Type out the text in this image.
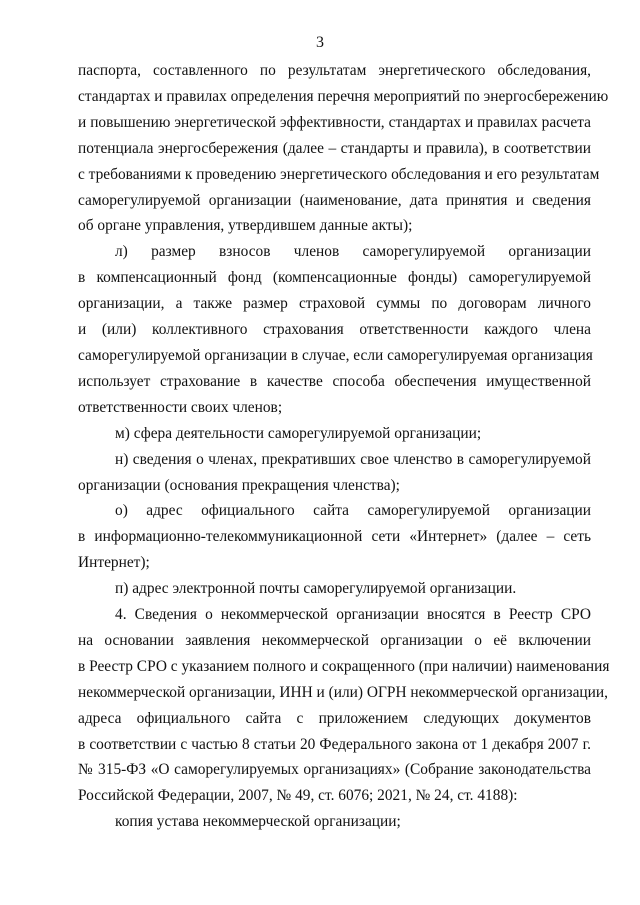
3
паспорта, составленного по результатам энергетического обследования,
стандартах и правилах определения перечня мероприятий по энергосбережению
и повышению энергетической эффективности, стандартах и правилах расчета
потенциала энергосбережения (далее – стандарты и правила), в соответствии
с требованиями к проведению энергетического обследования и его результатам
саморегулируемой организации (наименование, дата принятия и сведения
об органе управления, утвердившем данные акты);
л) размер взносов членов саморегулируемой организации
в компенсационный фонд (компенсационные фонды) саморегулируемой
организации, а также размер страховой суммы по договорам личного
и (или) коллективного страхования ответственности каждого члена
саморегулируемой организации в случае, если саморегулируемая организация
использует страхование в качестве способа обеспечения имущественной
ответственности своих членов;
м) сфера деятельности саморегулируемой организации;
н) сведения о членах, прекративших свое членство в саморегулируемой
организации (основания прекращения членства);
о) адрес официального сайта саморегулируемой организации
в информационно-телекоммуникационной сети «Интернет» (далее – сеть
Интернет);
п) адрес электронной почты саморегулируемой организации.
4. Сведения о некоммерческой организации вносятся в Реестр СРО
на основании заявления некоммерческой организации о её включении
в Реестр СРО с указанием полного и сокращенного (при наличии) наименования
некоммерческой организации, ИНН и (или) ОГРН некоммерческой организации,
адреса официального сайта с приложением следующих документов
в соответствии с частью 8 статьи 20 Федерального закона от 1 декабря 2007 г.
№ 315-ФЗ «О саморегулируемых организациях» (Собрание законодательства
Российской Федерации, 2007, № 49, ст. 6076; 2021, № 24, ст. 4188):
копия устава некоммерческой организации;
